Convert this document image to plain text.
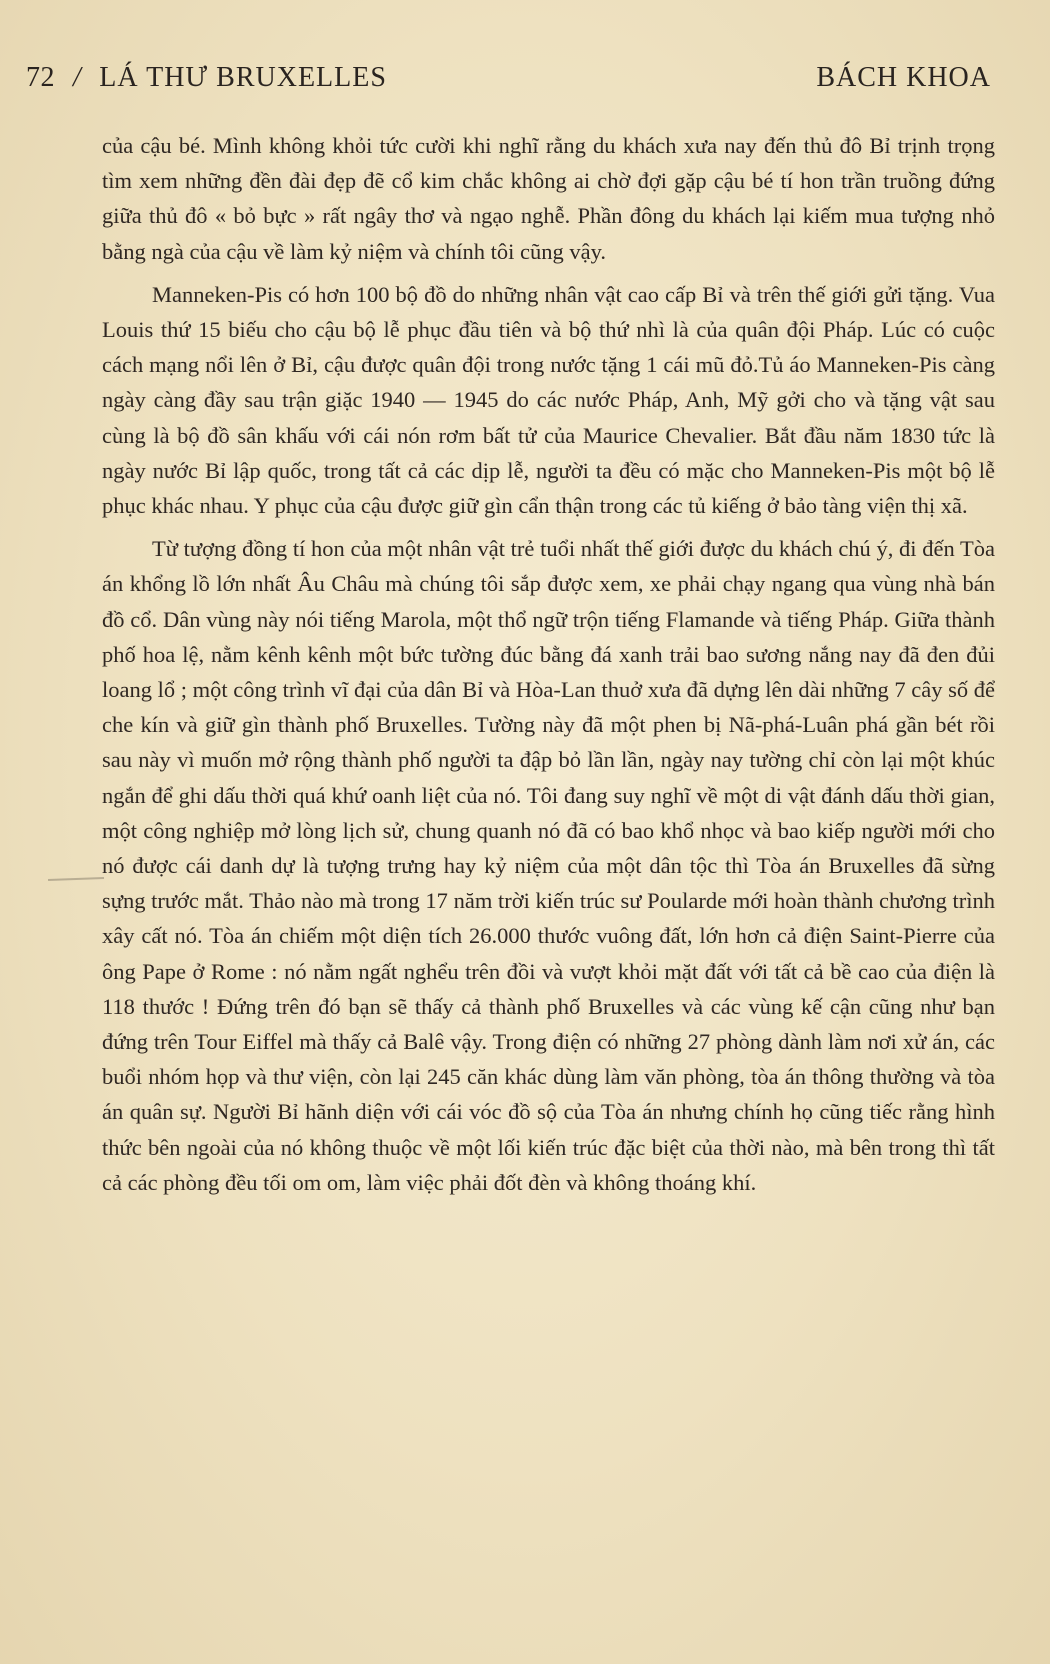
72 / LÁ THƯ BRUXELLES	BÁCH KHOA

của cậu bé. Mình không khỏi tức cười khi nghĩ rằng du khách xưa nay đến thủ đô Bỉ trịnh trọng tìm xem những đền đài đẹp đẽ cổ kim chắc không ai chờ đợi gặp cậu bé tí hon trần truồng đứng giữa thủ đô « bỏ bực » rất ngây thơ và ngạo nghễ. Phần đông du khách lại kiếm mua tượng nhỏ bằng ngà của cậu về làm kỷ niệm và chính tôi cũng vậy.

Manneken-Pis có hơn 100 bộ đồ do những nhân vật cao cấp Bỉ và trên thế giới gửi tặng. Vua Louis thứ 15 biếu cho cậu bộ lễ phục đầu tiên và bộ thứ nhì là của quân đội Pháp. Lúc có cuộc cách mạng nổi lên ở Bỉ, cậu được quân đội trong nước tặng 1 cái mũ đỏ.Tủ áo Manneken-Pis càng ngày càng đầy sau trận giặc 1940 — 1945 do các nước Pháp, Anh, Mỹ gởi cho và tặng vật sau cùng là bộ đồ sân khấu với cái nón rơm bất tử của Maurice Chevalier. Bắt đầu năm 1830 tức là ngày nước Bỉ lập quốc, trong tất cả các dịp lễ, người ta đều có mặc cho Manneken-Pis một bộ lễ phục khác nhau. Y phục của cậu được giữ gìn cẩn thận trong các tủ kiếng ở bảo tàng viện thị xã.

Từ tượng đồng tí hon của một nhân vật trẻ tuổi nhất thế giới được du khách chú ý, đi đến Tòa án khổng lồ lớn nhất Âu Châu mà chúng tôi sắp được xem, xe phải chạy ngang qua vùng nhà bán đồ cổ. Dân vùng này nói tiếng Marola, một thổ ngữ trộn tiếng Flamande và tiếng Pháp. Giữa thành phố hoa lệ, nằm kênh kênh một bức tường đúc bằng đá xanh trải bao sương nắng nay đã đen đủi loang lổ ; một công trình vĩ đại của dân Bỉ và Hòa-Lan thuở xưa đã dựng lên dài những 7 cây số để che kín và giữ gìn thành phố Bruxelles. Tường này đã một phen bị Nã-phá-Luân phá gần bét rồi sau này vì muốn mở rộng thành phố người ta đập bỏ lần lần, ngày nay tường chỉ còn lại một khúc ngắn để ghi dấu thời quá khứ oanh liệt của nó. Tôi đang suy nghĩ về một di vật đánh dấu thời gian, một công nghiệp mở lòng lịch sử, chung quanh nó đã có bao khổ nhọc và bao kiếp người mới cho nó được cái danh dự là tượng trưng hay kỷ niệm của một dân tộc thì Tòa án Bruxelles đã sừng sựng trước mắt. Thảo nào mà trong 17 năm trời kiến trúc sư Poularde mới hoàn thành chương trình xây cất nó. Tòa án chiếm một diện tích 26.000 thước vuông đất, lớn hơn cả điện Saint-Pierre của ông Pape ở Rome : nó nằm ngất nghểu trên đồi và vượt khỏi mặt đất với tất cả bề cao của điện là 118 thước ! Đứng trên đó bạn sẽ thấy cả thành phố Bruxelles và các vùng kế cận cũng như bạn đứng trên Tour Eiffel mà thấy cả Balê vậy. Trong điện có những 27 phòng dành làm nơi xử án, các buổi nhóm họp và thư viện, còn lại 245 căn khác dùng làm văn phòng, tòa án thông thường và tòa án quân sự. Người Bỉ hãnh diện với cái vóc đồ sộ của Tòa án nhưng chính họ cũng tiếc rằng hình thức bên ngoài của nó không thuộc về một lối kiến trúc đặc biệt của thời nào, mà bên trong thì tất cả các phòng đều tối om om, làm việc phải đốt đèn và không thoáng khí.
